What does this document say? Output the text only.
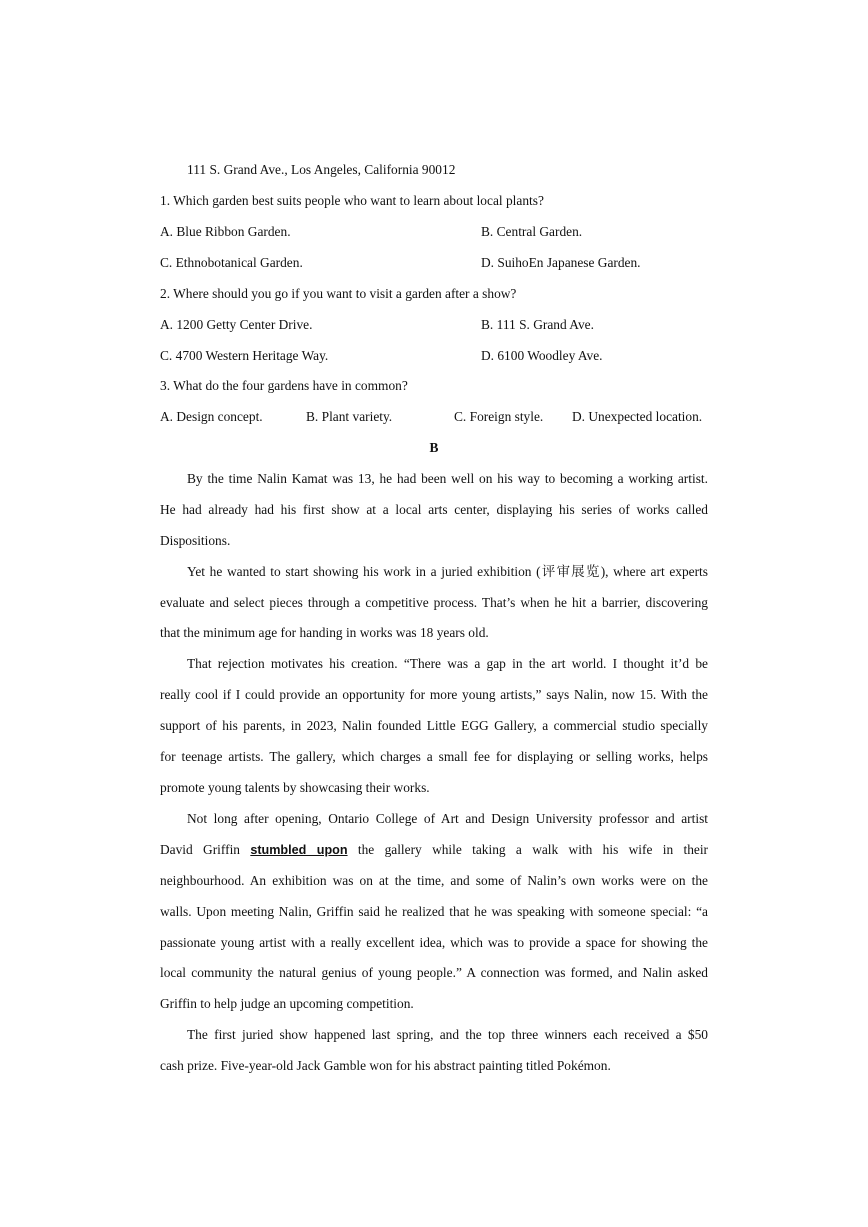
111 S. Grand Ave., Los Angeles, California 90012
1. Which garden best suits people who want to learn about local plants?
A. Blue Ribbon Garden.	B. Central Garden.
C. Ethnobotanical Garden.	D. SuihoEn Japanese Garden.
2. Where should you go if you want to visit a garden after a show?
A. 1200 Getty Center Drive.	B. 111 S. Grand Ave.
C. 4700 Western Heritage Way.	D. 6100 Woodley Ave.
3. What do the four gardens have in common?
A. Design concept.	B. Plant variety.	C. Foreign style. D. Unexpected location.
B
By the time Nalin Kamat was 13, he had been well on his way to becoming a working artist.
He had already had his first show at a local arts center, displaying his series of works called
Dispositions.
Yet he wanted to start showing his work in a juried exhibition (评审展览), where art experts
evaluate and select pieces through a competitive process. That’s when he hit a barrier, discovering
that the minimum age for handing in works was 18 years old.
That rejection motivates his creation. “There was a gap in the art world. I thought it’d be
really cool if I could provide an opportunity for more young artists,” says Nalin, now 15. With the
support of his parents, in 2023, Nalin founded Little EGG Gallery, a commercial studio specially
for teenage artists. The gallery, which charges a small fee for displaying or selling works, helps
promote young talents by showcasing their works.
Not long after opening, Ontario College of Art and Design University professor and artist
David Griffin stumbled upon the gallery while taking a walk with his wife in their
neighbourhood. An exhibition was on at the time, and some of Nalin’s own works were on the
walls. Upon meeting Nalin, Griffin said he realized that he was speaking with someone special: “a
passionate young artist with a really excellent idea, which was to provide a space for showing the
local community the natural genius of young people.” A connection was formed, and Nalin asked
Griffin to help judge an upcoming competition.
The first juried show happened last spring, and the top three winners each received a $50
cash prize. Five-year-old Jack Gamble won for his abstract painting titled Pokémon.
